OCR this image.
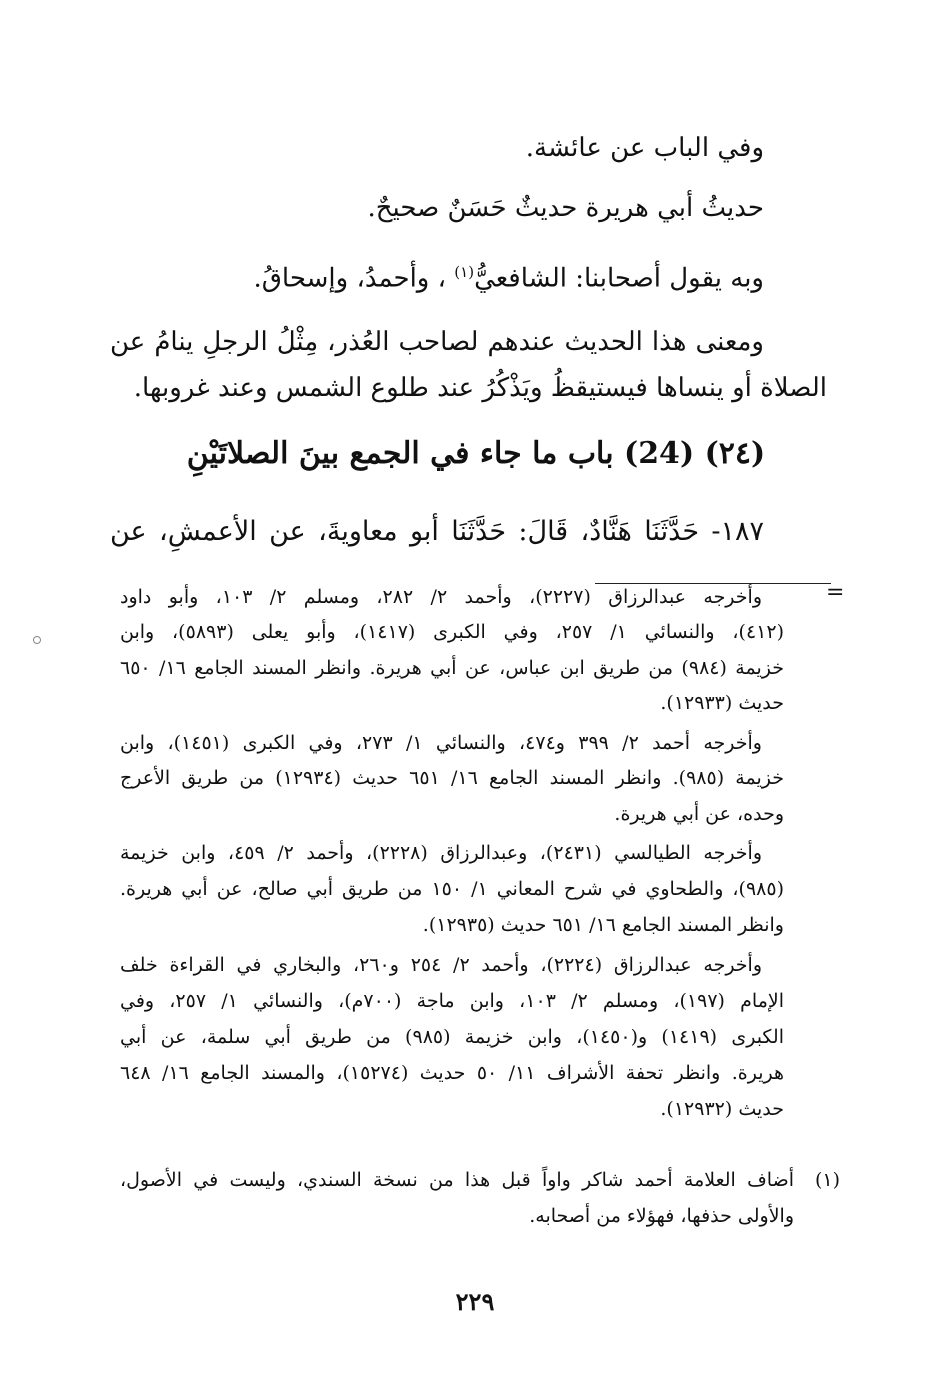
وفي الباب عن عائشة.
حديثُ أبي هريرة حديثٌ حَسَنٌ صحيحٌ.
وبه يقول أصحابنا: الشافعيُّ$^{(١)}$ ، وأحمدُ، وإسحاقُ.
ومعنى هذا الحديث عندهم لصاحب العُذر، مِثْلُ الرجلِ ينامُ عن
الصلاة أو ينساها فيستيقظُ ويَذْكُرُ عند طلوع الشمس وعند غروبها.
(٢٤) (24) باب ما جاء في الجمع بينَ الصلاتَيْنِ
١٨٧- حَدَّثَنَا هَنَّادٌ، قَالَ: حَدَّثَنَا أبو معاويةَ، عن الأعمشِ، عن
=
وأخرجه عبدالرزاق (٢٢٢٧)، وأحمد ٢/ ٢٨٢، ومسلم ٢/ ١٠٣، وأبو داود
(٤١٢)، والنسائي ١/ ٢٥٧، وفي الكبرى (١٤١٧)، وأبو يعلى (٥٨٩٣)، وابن
خزيمة (٩٨٤) من طريق ابن عباس، عن أبي هريرة. وانظر المسند الجامع ١٦/ ٦٥٠
حديث (١٢٩٣٣).
وأخرجه أحمد ٢/ ٣٩٩ و٤٧٤، والنسائي ١/ ٢٧٣، وفي الكبرى (١٤٥١)، وابن
خزيمة (٩٨٥). وانظر المسند الجامع ١٦/ ٦٥١ حديث (١٢٩٣٤) من طريق الأعرج
وحده، عن أبي هريرة.
وأخرجه الطيالسي (٢٤٣١)، وعبدالرزاق (٢٢٢٨)، وأحمد ٢/ ٤٥٩، وابن خزيمة
(٩٨٥)، والطحاوي في شرح المعاني ١/ ١٥٠ من طريق أبي صالح، عن أبي هريرة.
وانظر المسند الجامع ١٦/ ٦٥١ حديث (١٢٩٣٥).
وأخرجه عبدالرزاق (٢٢٢٤)، وأحمد ٢/ ٢٥٤ و٢٦٠، والبخاري في القراءة خلف
الإمام (١٩٧)، ومسلم ٢/ ١٠٣، وابن ماجة (٧٠٠م)، والنسائي ١/ ٢٥٧، وفي
الكبرى (١٤١٩) و(١٤٥٠)، وابن خزيمة (٩٨٥) من طريق أبي سلمة، عن أبي
هريرة. وانظر تحفة الأشراف ١١/ ٥٠ حديث (١٥٢٧٤)، والمسند الجامع ١٦/ ٦٤٨
حديث (١٢٩٣٢).
(١)
أضاف العلامة أحمد شاكر واواً قبل هذا من نسخة السندي، وليست في الأصول،
والأولى حذفها، فهؤلاء من أصحابه.
٢٢٩
